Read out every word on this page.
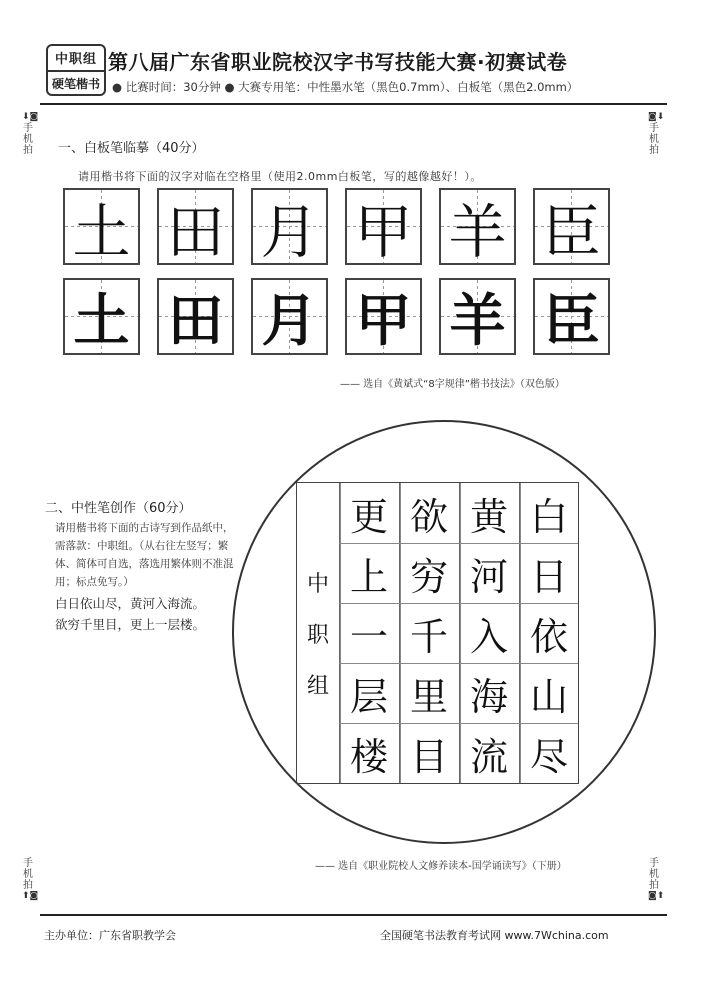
中职组
硬笔楷书
第八届广东省职业院校汉字书写技能大赛·初赛试卷
● 比赛时间：30分钟 ● 大赛专用笔：中性墨水笔（黑色0.7mm）、白板笔（黑色2.0mm）
⬇◙
手
机
拍
◙⬇
手
机
拍
手
机
拍
⬆◙
手
机
拍
◙⬆
一、白板笔临摹（40分）
请用楷书将下面的汉字对临在空格里（使用2.0mm白板笔，写的越像越好！）。
土 田 月 甲 羊 臣
土 田 月 甲 羊 臣
—— 选自《黄斌式“8字规律”楷书技法》（双色版）
二、中性笔创作（60分）
请用楷书将下面的古诗写到作品纸中，需落款：中职组。（从右往左竖写；繁体、简体可自选，落选用繁体则不准混用；标点免写。）
白日依山尽，黄河入海流。
欲穷千里目，更上一层楼。
中
职
组
白
日
依
山
尽
黄
河
入
海
流
欲
穷
千
里
目
更
上
一
层
楼
—— 选自《职业院校人文修养读本-国学诵读写》（下册）
主办单位：广东省职教学会	全国硬笔书法教育考试网 www.7Wchina.com
